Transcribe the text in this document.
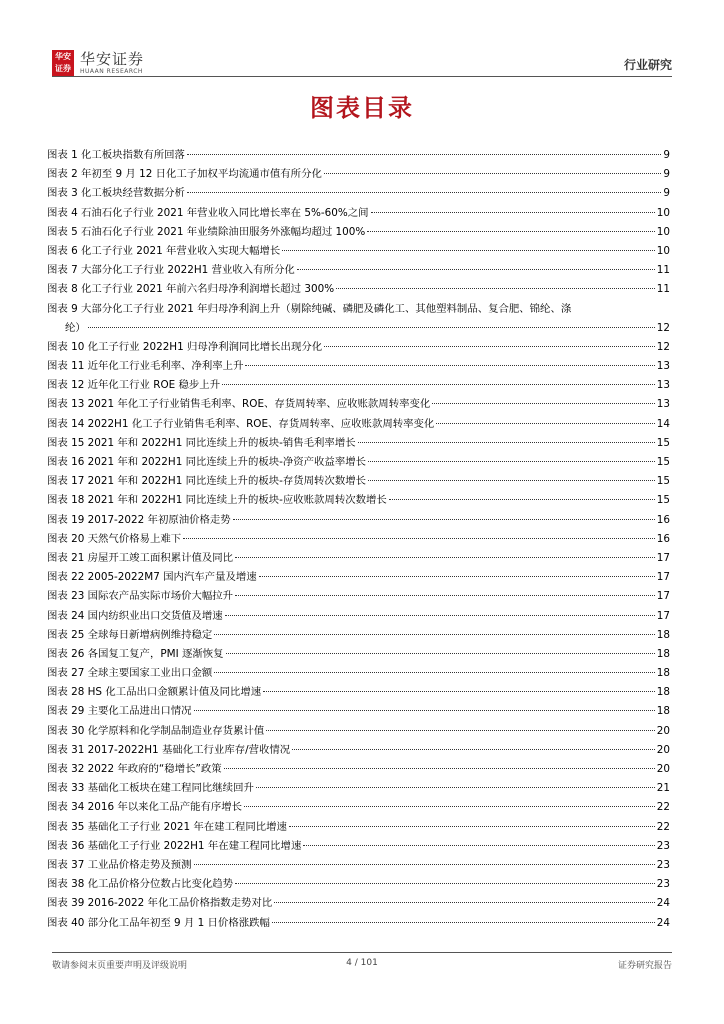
华安
证券
华安证券
HUAAN RESEARCH	行业研究
图表目录
图表 1 化工板块指数有所回落	9
图表 2 年初至 9 月 12 日化工子加权平均流通市值有所分化	9
图表 3 化工板块经营数据分析	9
图表 4 石油石化子行业 2021 年营业收入同比增长率在 5%-60%之间	10
图表 5 石油石化子行业 2021 年业绩除油田服务外涨幅均超过 100%	10
图表 6 化工子行业 2021 年营业收入实现大幅增长	10
图表 7 大部分化工子行业 2022H1 营业收入有所分化	11
图表 8 化工子行业 2021 年前六名归母净利润增长超过 300%	11
图表 9 大部分化工子行业 2021 年归母净利润上升（剔除纯碱、磷肥及磷化工、其他塑料制品、复合肥、锦纶、涤
纶）	12
图表 10 化工子行业 2022H1 归母净利润同比增长出现分化	12
图表 11 近年化工行业毛利率、净利率上升	13
图表 12 近年化工行业 ROE 稳步上升	13
图表 13 2021 年化工子行业销售毛利率、ROE、存货周转率、应收账款周转率变化	13
图表 14 2022H1 化工子行业销售毛利率、ROE、存货周转率、应收账款周转率变化	14
图表 15 2021 年和 2022H1 同比连续上升的板块-销售毛利率增长	15
图表 16 2021 年和 2022H1 同比连续上升的板块-净资产收益率增长	15
图表 17 2021 年和 2022H1 同比连续上升的板块-存货周转次数增长	15
图表 18 2021 年和 2022H1 同比连续上升的板块-应收账款周转次数增长	15
图表 19 2017-2022 年初原油价格走势	16
图表 20 天然气价格易上难下	16
图表 21 房屋开工竣工面积累计值及同比	17
图表 22 2005-2022M7 国内汽车产量及增速	17
图表 23 国际农产品实际市场价大幅拉升	17
图表 24 国内纺织业出口交货值及增速	17
图表 25 全球每日新增病例维持稳定	18
图表 26 各国复工复产，PMI 逐渐恢复	18
图表 27 全球主要国家工业出口金额	18
图表 28 HS 化工品出口金额累计值及同比增速	18
图表 29 主要化工品进出口情况	18
图表 30 化学原料和化学制品制造业存货累计值	20
图表 31 2017-2022H1 基础化工行业库存/营收情况	20
图表 32 2022 年政府的“稳增长”政策	20
图表 33 基础化工板块在建工程同比继续回升	21
图表 34 2016 年以来化工品产能有序增长	22
图表 35 基础化工子行业 2021 年在建工程同比增速	22
图表 36 基础化工子行业 2022H1 年在建工程同比增速	23
图表 37 工业品价格走势及预测	23
图表 38 化工品价格分位数占比变化趋势	23
图表 39 2016-2022 年化工品价格指数走势对比	24
图表 40 部分化工品年初至 9 月 1 日价格涨跌幅	24
敬请参阅末页重要声明及评级说明	4 / 101	证券研究报告
